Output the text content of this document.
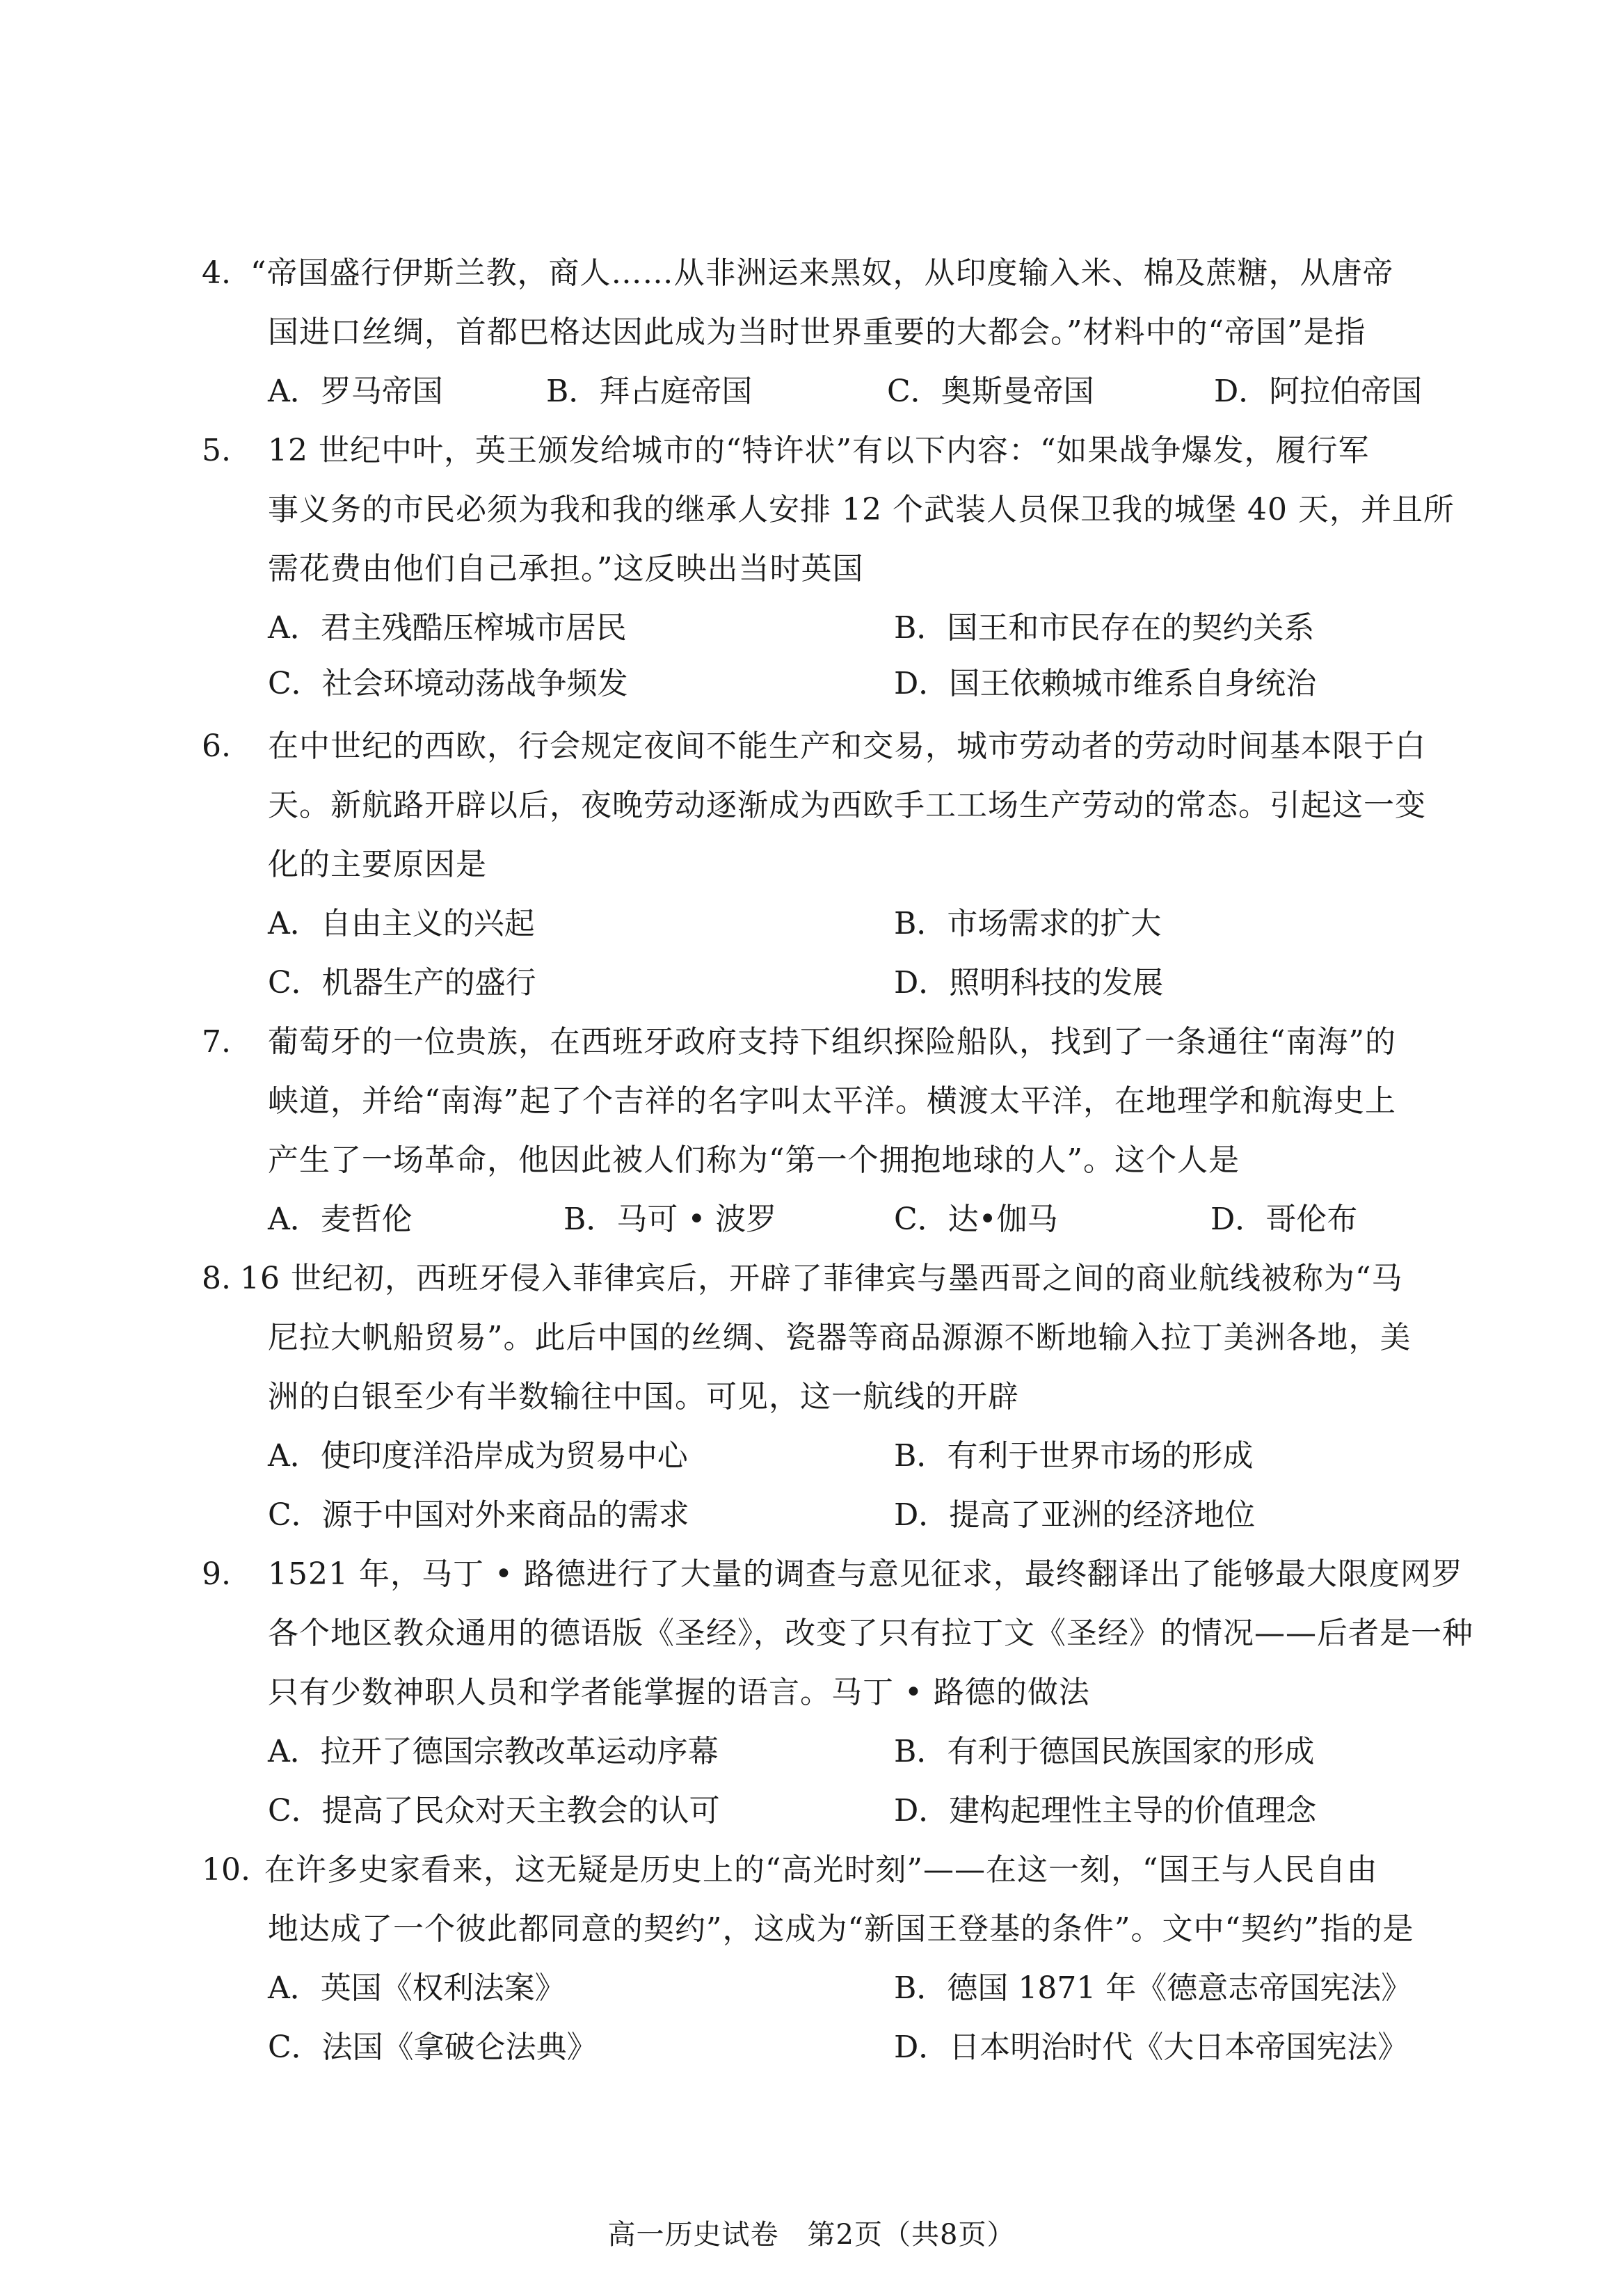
4. “帝国盛行伊斯兰教，商人……从非洲运来黑奴，从印度输入米、棉及蔗糖，从唐帝
国进口丝绸，首都巴格达因此成为当时世界重要的大都会。”材料中的“帝国”是指
A．罗马帝国	B．拜占庭帝国	C．奥斯曼帝国	D．阿拉伯帝国
5. 12 世纪中叶，英王颁发给城市的“特许状”有以下内容：“如果战争爆发，履行军
事义务的市民必须为我和我的继承人安排 12 个武装人员保卫我的城堡 40 天，并且所
需花费由他们自己承担。”这反映出当时英国
A．君主残酷压榨城市居民	B．国王和市民存在的契约关系
C．社会环境动荡战争频发	D．国王依赖城市维系自身统治
6. 在中世纪的西欧，行会规定夜间不能生产和交易，城市劳动者的劳动时间基本限于白
天。新航路开辟以后，夜晚劳动逐渐成为西欧手工工场生产劳动的常态。引起这一变
化的主要原因是
A．自由主义的兴起	B．市场需求的扩大
C．机器生产的盛行	D．照明科技的发展
7. 葡萄牙的一位贵族，在西班牙政府支持下组织探险船队，找到了一条通往“南海”的
峡道，并给“南海”起了个吉祥的名字叫太平洋。横渡太平洋，在地理学和航海史上
产生了一场革命，他因此被人们称为“第一个拥抱地球的人”。这个人是
A．麦哲伦	B．马可 • 波罗	C．达•伽马	D．哥伦布
8. 16 世纪初，西班牙侵入菲律宾后，开辟了菲律宾与墨西哥之间的商业航线被称为“马
尼拉大帆船贸易”。此后中国的丝绸、瓷器等商品源源不断地输入拉丁美洲各地，美
洲的白银至少有半数输往中国。可见，这一航线的开辟
A．使印度洋沿岸成为贸易中心	B．有利于世界市场的形成
C．源于中国对外来商品的需求	D．提高了亚洲的经济地位
9. 1521 年，马丁 • 路德进行了大量的调查与意见征求，最终翻译出了能够最大限度网罗
各个地区教众通用的德语版《圣经》，改变了只有拉丁文《圣经》的情况——后者是一种
只有少数神职人员和学者能掌握的语言。马丁 • 路德的做法
A．拉开了德国宗教改革运动序幕	B．有利于德国民族国家的形成
C．提高了民众对天主教会的认可	D．建构起理性主导的价值理念
10. 在许多史家看来，这无疑是历史上的“高光时刻”——在这一刻，“国王与人民自由
地达成了一个彼此都同意的契约”，这成为“新国王登基的条件”。文中“契约”指的是
A．英国《权利法案》	B．德国 1871 年《德意志帝国宪法》
C．法国《拿破仑法典》	D．日本明治时代《大日本帝国宪法》
高一历史试卷　第2页（共8页）
